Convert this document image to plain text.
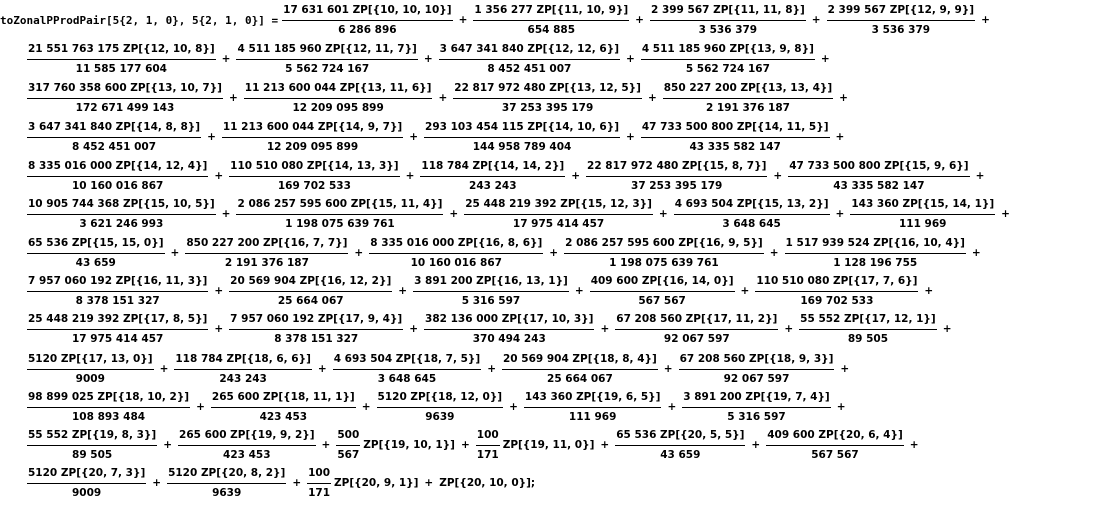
toZonalPProdPair[5{2, 1, 0}, 5{2, 1, $0\}] = \frac{17 631 601 ZP[\{10, 10, 10\}]}{6 286 896} + \frac{1 356 277 ZP[\{11, 10, 9\}]}{654 885} + \frac{2 399 567 ZP[\{11, 11, 8\}]}{3 536 379} + \frac{2 399 567 ZP[\{12, 9, 9\}]}{3 536 379}$ +
$\frac{21 551 763 175 ZP[\{12, 10, 8\}]}{11 585 177 604} + \frac{4 511 185 960 ZP[\{12, 11, 7\}]}{5 562 724 167} + \frac{3 647 341 840 ZP[\{12, 12, 6\}]}{8 452 451 007} + \frac{4 511 185 960 ZP[\{13, 9, 8\}]}{5 562 724 167}$ +
$\frac{317 760 358 600 ZP[\{13, 10, 7\}]}{172 671 499 143} + \frac{11 213 600 044 ZP[\{13, 11, 6\}]}{12 209 095 899} + \frac{22 817 972 480 ZP[\{13, 12, 5\}]}{37 253 395 179} + \frac{850 227 200 ZP[\{13, 13, 4\}]}{2 191 376 187}$ +
$\frac{3 647 341 840 ZP[\{14, 8, 8\}]}{8 452 451 007} + \frac{11 213 600 044 ZP[\{14, 9, 7\}]}{12 209 095 899} + \frac{293 103 454 115 ZP[\{14, 10, 6\}]}{144 958 789 404} + \frac{47 733 500 800 ZP[\{14, 11, 5\}]}{43 335 582 147}$ +
$\frac{8 335 016 000 ZP[\{14, 12, 4\}]}{10 160 016 867} + \frac{110 510 080 ZP[\{14, 13, 3\}]}{169 702 533} + \frac{118 784 ZP[\{14, 14, 2\}]}{243 243} + \frac{22 817 972 480 ZP[\{15, 8, 7\}]}{37 253 395 179} + \frac{47 733 500 800 ZP[\{15, 9, 6\}]}{43 335 582 147}$ +
$\frac{10 905 744 368 ZP[\{15, 10, 5\}]}{3 621 246 993} + \frac{2 086 257 595 600 ZP[\{15, 11, 4\}]}{1 198 075 639 761} + \frac{25 448 219 392 ZP[\{15, 12, 3\}]}{17 975 414 457} + \frac{4 693 504 ZP[\{15, 13, 2\}]}{3 648 645} + \frac{143 360 ZP[\{15, 14, 1\}]}{111 969}$ +
$\frac{65 536 ZP[\{15, 15, 0\}]}{43 659} + \frac{850 227 200 ZP[\{16, 7, 7\}]}{2 191 376 187} + \frac{8 335 016 000 ZP[\{16, 8, 6\}]}{10 160 016 867} + \frac{2 086 257 595 600 ZP[\{16, 9, 5\}]}{1 198 075 639 761} + \frac{1 517 939 524 ZP[\{16, 10, 4\}]}{1 128 196 755}$ +
$\frac{7 957 060 192 ZP[\{16, 11, 3\}]}{8 378 151 327} + \frac{20 569 904 ZP[\{16, 12, 2\}]}{25 664 067} + \frac{3 891 200 ZP[\{16, 13, 1\}]}{5 316 597} + \frac{409 600 ZP[\{16, 14, 0\}]}{567 567} + \frac{110 510 080 ZP[\{17, 7, 6\}]}{169 702 533}$ +
$\frac{25 448 219 392 ZP[\{17, 8, 5\}]}{17 975 414 457} + \frac{7 957 060 192 ZP[\{17, 9, 4\}]}{8 378 151 327} + \frac{382 136 000 ZP[\{17, 10, 3\}]}{370 494 243} + \frac{67 208 560 ZP[\{17, 11, 2\}]}{92 067 597} + \frac{55 552 ZP[\{17, 12, 1\}]}{89 505}$ +
$\frac{5120 ZP[\{17, 13, 0\}]}{9009} + \frac{118 784 ZP[\{18, 6, 6\}]}{243 243} + \frac{4 693 504 ZP[\{18, 7, 5\}]}{3 648 645} + \frac{20 569 904 ZP[\{18, 8, 4\}]}{25 664 067} + \frac{67 208 560 ZP[\{18, 9, 3\}]}{92 067 597}$ +
$\frac{98 899 025 ZP[\{18, 10, 2\}]}{108 893 484} + \frac{265 600 ZP[\{18, 11, 1\}]}{423 453} + \frac{5120 ZP[\{18, 12, 0\}]}{9639} + \frac{143 360 ZP[\{19, 6, 5\}]}{111 969} + \frac{3 891 200 ZP[\{19, 7, 4\}]}{5 316 597}$ +
$\frac{55 552 ZP[\{19, 8, 3\}]}{89 505} + \frac{265 600 ZP[\{19, 9, 2\}]}{423 453} + \frac{500}{567} ZP[\{19$, 10, $1\}] + \frac{100}{171} ZP[\{19$, 11, $0\}] + \frac{65 536 ZP[\{20, 5, 5\}]}{43 659} + \frac{409 600 ZP[\{20, 6, 4\}]}{567 567}$ +
$\frac{5120 ZP[\{20, 7, 3\}]}{9009} + \frac{5120 ZP[\{20, 8, 2\}]}{9639} + \frac{100}{171} ZP[\{20$, 9, 1}] + ZP[{20, 10, 0}] ;
